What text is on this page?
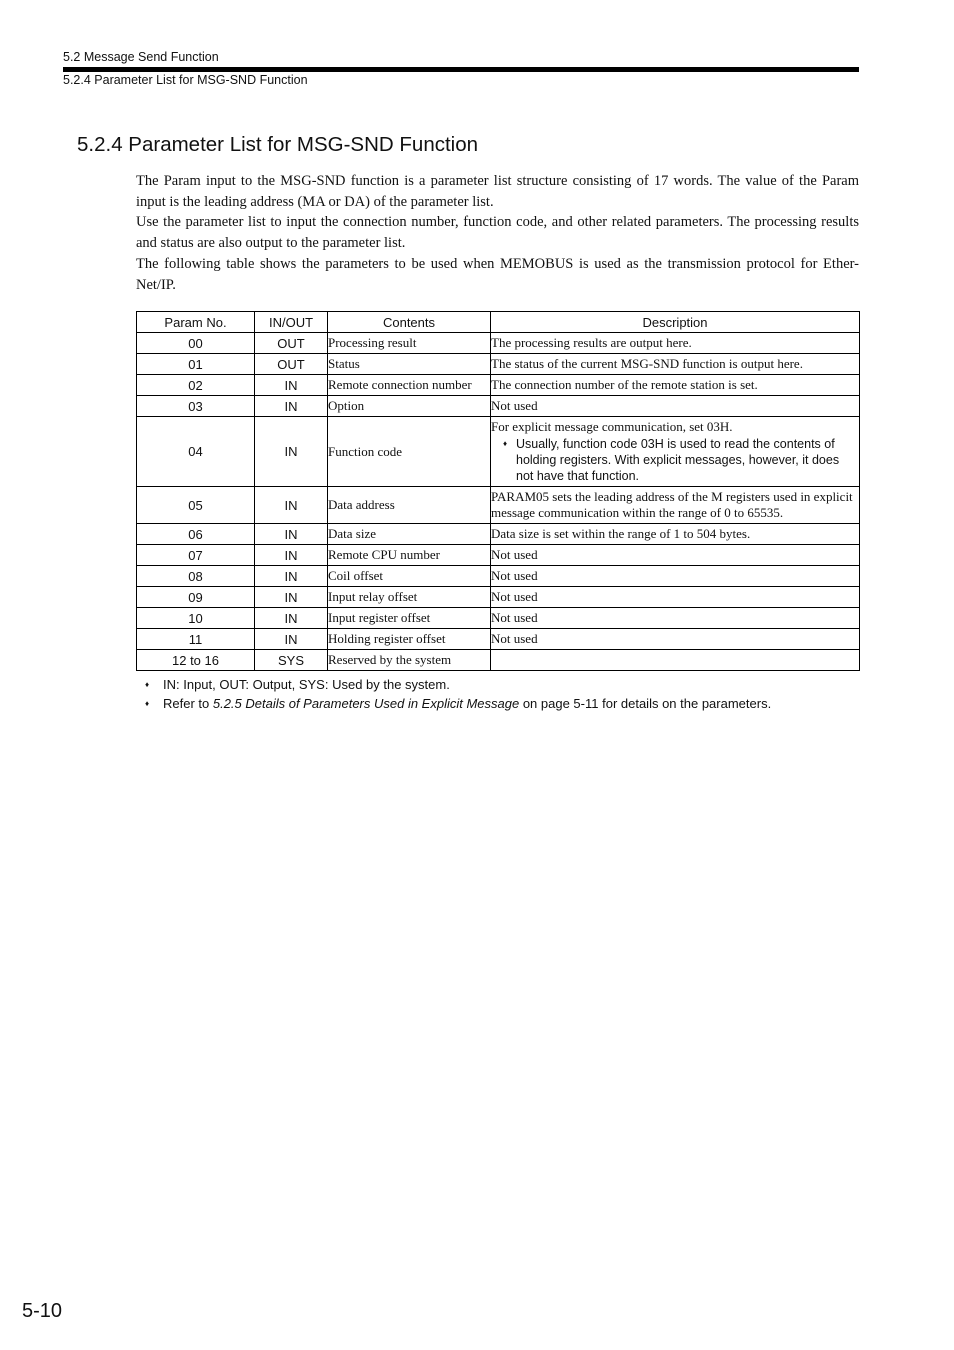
5.2 Message Send Function
5.2.4 Parameter List for MSG-SND Function
5.2.4 Parameter List for MSG-SND Function

The Param input to the MSG-SND function is a parameter list structure consisting of 17 words. The value of the Param input is the leading address (MA or DA) of the parameter list.

Use the parameter list to input the connection number, function code, and other related parameters. The processing results and status are also output to the parameter list.

The following table shows the parameters to be used when MEMOBUS is used as the transmission protocol for Ether-Net/IP.

Param No.	IN/OUT	Contents	Description
00	OUT	Processing result	The processing results are output here.
01	OUT	Status	The status of the current MSG-SND function is output here.
02	IN	Remote connection number	The connection number of the remote station is set.
03	IN	Option	Not used
04	IN	Function code	For explicit message communication, set 03H.
♦ Usually, function code 03H is used to read the contents of holding registers. With explicit messages, however, it does not have that function.

05	IN	Data address	PARAM05 sets the leading address of the M registers used in explicit message communication within the range of 0 to 65535.
06	IN	Data size	Data size is set within the range of 1 to 504 bytes.
07	IN	Remote CPU number	Not used
08	IN	Coil offset	Not used
09	IN	Input relay offset	Not used
10	IN	Input register offset	Not used
11	IN	Holding register offset	Not used
12 to 16	SYS	Reserved by the system	
♦	IN: Input, OUT: Output, SYS: Used by the system.
♦	Refer to 5.2.5 Details of Parameters Used in Explicit Message on page 5-11 for details on the parameters.
5-10
